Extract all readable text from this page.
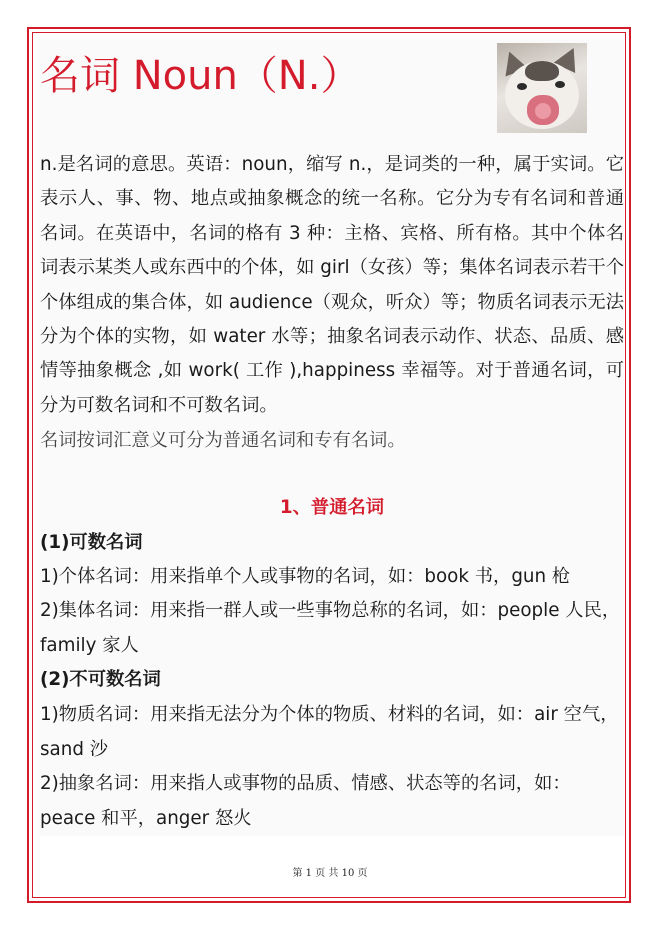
名词 Noun（N.）

n.是名词的意思。英语：noun，缩写 n.，是词类的一种，属于实词。它表示人、事、物、地点或抽象概念的统一名称。它分为专有名词和普通名词。在英语中，名词的格有 3 种：主格、宾格、所有格。其中个体名词表示某类人或东西中的个体，如 girl（女孩）等；集体名词表示若干个个体组成的集合体，如 audience（观众，听众）等；物质名词表示无法分为个体的实物，如 water 水等；抽象名词表示动作、状态、品质、感情等抽象概念 ,如 work( 工作 ),happiness 幸福等。对于普通名词，可分为可数名词和不可数名词。

名词按词汇意义可分为普通名词和专有名词。

1、普通名词
(1)可数名词

1)个体名词：用来指单个人或事物的名词，如：book 书，gun 枪

2)集体名词：用来指一群人或一些事物总称的名词，如：people 人民，family 家人

(2)不可数名词

1)物质名词：用来指无法分为个体的物质、材料的名词，如：air 空气，sand 沙

2)抽象名词：用来指人或事物的品质、情感、状态等的名词，如：peace 和平，anger 怒火

第 1 页 共 10 页
